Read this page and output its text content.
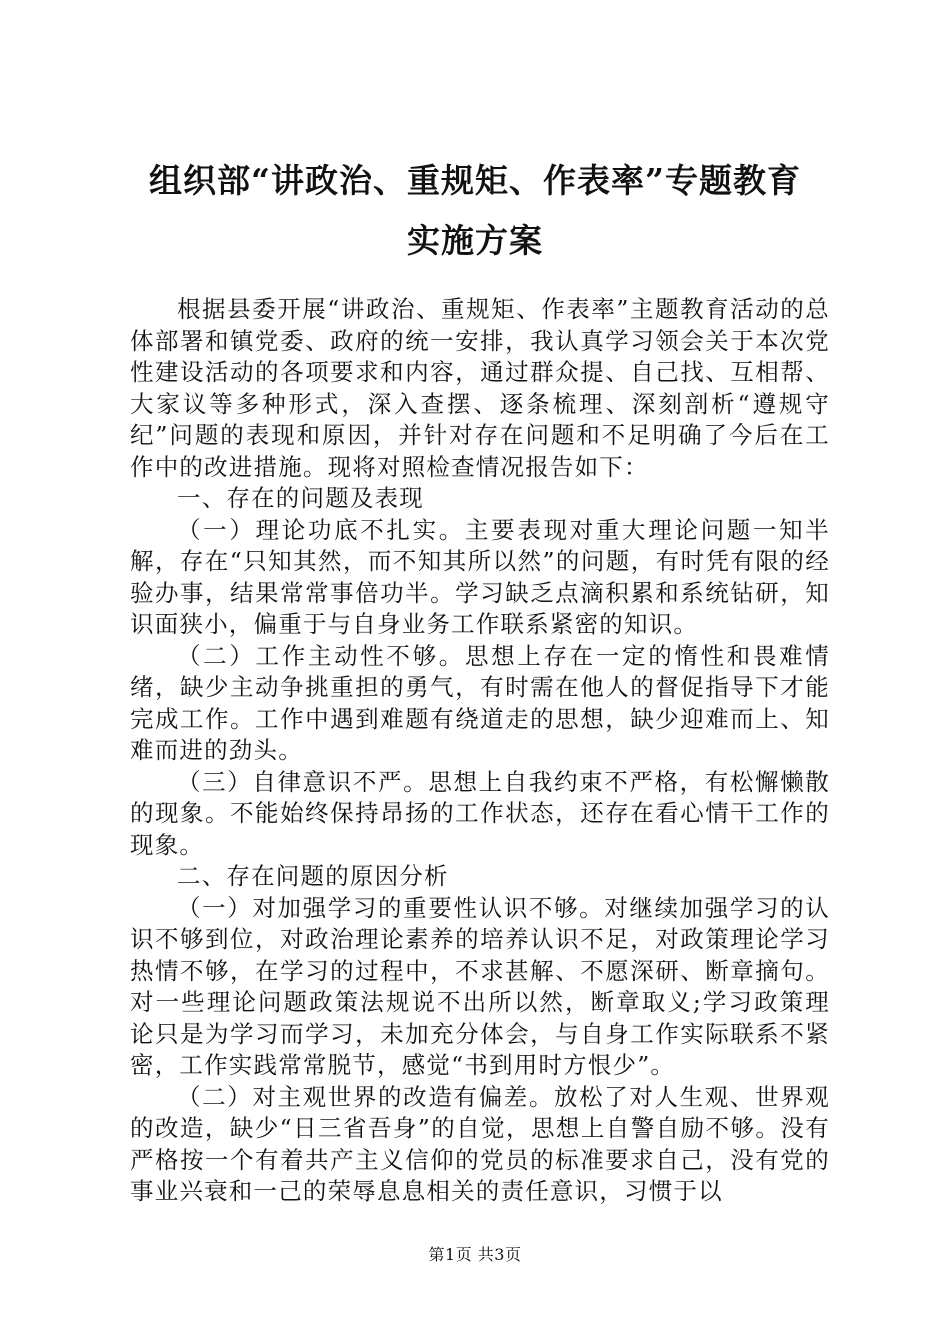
组织部“讲政治、重规矩、作表率”专题教育
实施方案

根据县委开展“讲政治、重规矩、作表率”主题教育活动的总体部署和镇党委、政府的统一安排，我认真学习领会关于本次党性建设活动的各项要求和内容，通过群众提、自己找、互相帮、大家议等多种形式，深入查摆、逐条梳理、深刻剖析“遵规守纪”问题的表现和原因，并针对存在问题和不足明确了今后在工作中的改进措施。现将对照检查情况报告如下：

一、存在的问题及表现

（一）理论功底不扎实。主要表现对重大理论问题一知半解，存在“只知其然，而不知其所以然”的问题，有时凭有限的经验办事，结果常常事倍功半。学习缺乏点滴积累和系统钻研，知识面狭小，偏重于与自身业务工作联系紧密的知识。

（二）工作主动性不够。思想上存在一定的惰性和畏难情绪，缺少主动争挑重担的勇气，有时需在他人的督促指导下才能完成工作。工作中遇到难题有绕道走的思想，缺少迎难而上、知难而进的劲头。

（三）自律意识不严。思想上自我约束不严格，有松懈懒散的现象。不能始终保持昂扬的工作状态，还存在看心情干工作的现象。

二、存在问题的原因分析

（一）对加强学习的重要性认识不够。对继续加强学习的认识不够到位，对政治理论素养的培养认识不足，对政策理论学习热情不够，在学习的过程中，不求甚解、不愿深研、断章摘句。对一些理论问题政策法规说不出所以然，断章取义;学习政策理论只是为学习而学习，未加充分体会，与自身工作实际联系不紧密，工作实践常常脱节，感觉“书到用时方恨少”。

（二）对主观世界的改造有偏差。放松了对人生观、世界观的改造，缺少“日三省吾身”的自觉，思想上自警自励不够。没有严格按一个有着共产主义信仰的党员的标准要求自己，没有党的事业兴衰和一己的荣辱息息相关的责任意识，习惯于以

第1页 共3页
